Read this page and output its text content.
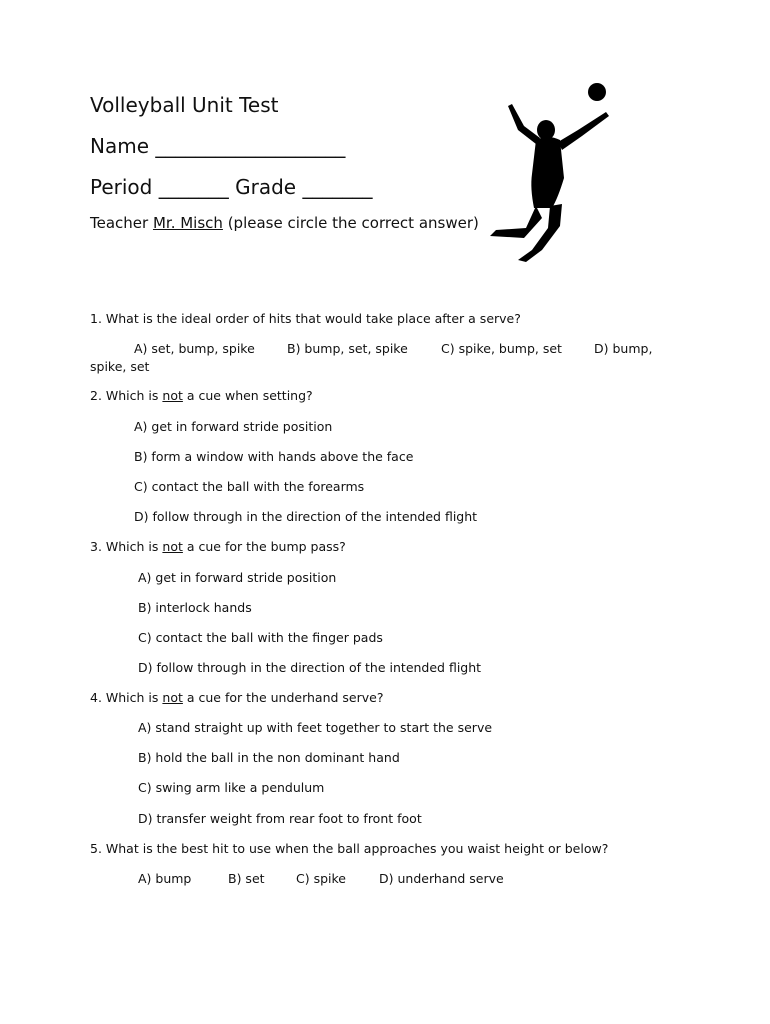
Volleyball Unit Test
Name ___________________
Period _______ Grade _______
Teacher Mr. Misch (please circle the correct answer)
1. What is the ideal order of hits that would take place after a serve?
A) set, bump, spike	B) bump, set, spike	C) spike, bump, set	D) bump,
spike, set
2. Which is not a cue when setting?
A) get in forward stride position
B) form a window with hands above the face
C) contact the ball with the forearms
D) follow through in the direction of the intended flight
3. Which is not a cue for the bump pass?
A) get in forward stride position
B) interlock hands
C) contact the ball with the finger pads
D) follow through in the direction of the intended flight
4. Which is not a cue for the underhand serve?
A) stand straight up with feet together to start the serve
B) hold the ball in the non dominant hand
C) swing arm like a pendulum
D) transfer weight from rear foot to front foot
5. What is the best hit to use when the ball approaches you waist height or below?
A) bump	B) set	C) spike	D) underhand serve
